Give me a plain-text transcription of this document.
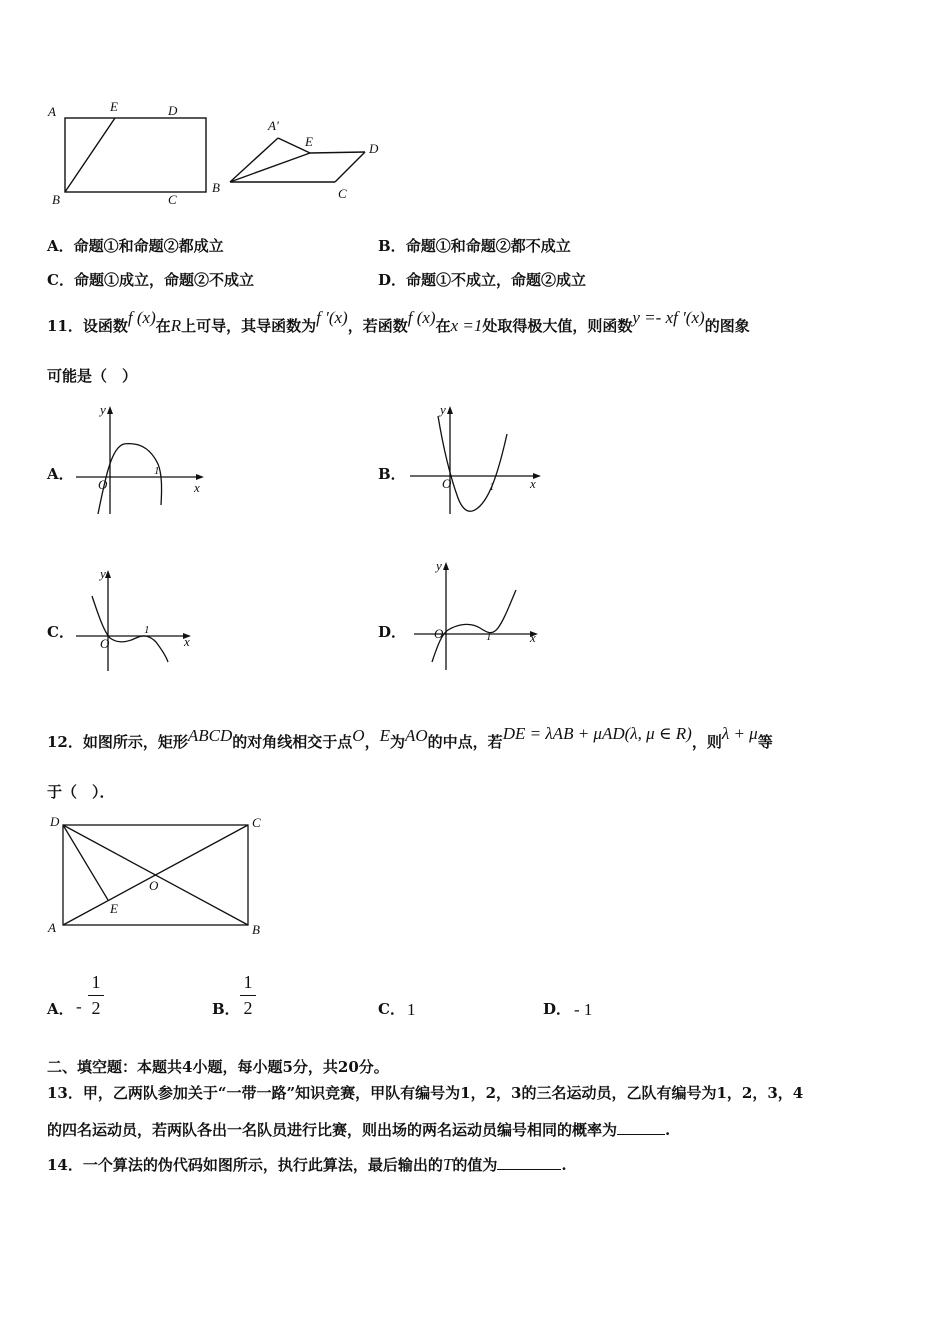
A	E	D
B	C
A'
E	D
B	C
A．命题①和命题②都成立	B．命题①和命题②都不成立
C．命题①成立，命题②不成立	D．命题①不成立，命题②成立
11．设函数f (x)在R上可导，其导函数为f ′(x)，若函数f (x)在x =1处取得极大值，则函数y =- xf ′(x)的图象
可能是（　）
A．
y
x
O
1	B．
y
x
O	1
C．
y
x
O
1	D．
y
x
O	1
12．如图所示，矩形ABCD的对角线相交于点O，E为AO的中点，若DE = λAB + μAD(λ, μ ∈ R)，则λ + μ等
于（　）．
D	C
O
E
A	B
A． -
1
2	B．
1
2	C． 1	D． - 1
二、填空题：本题共4小题，每小题5分，共20分。
13．甲，乙两队参加关于“一带一路”知识竞赛，甲队有编号为1，2，3的三名运动员，乙队有编号为1，2，3，4
的四名运动员，若两队各出一名队员进行比赛，则出场的两名运动员编号相同的概率为	.
14．一个算法的伪代码如图所示，执行此算法，最后输出的T的值为	.
